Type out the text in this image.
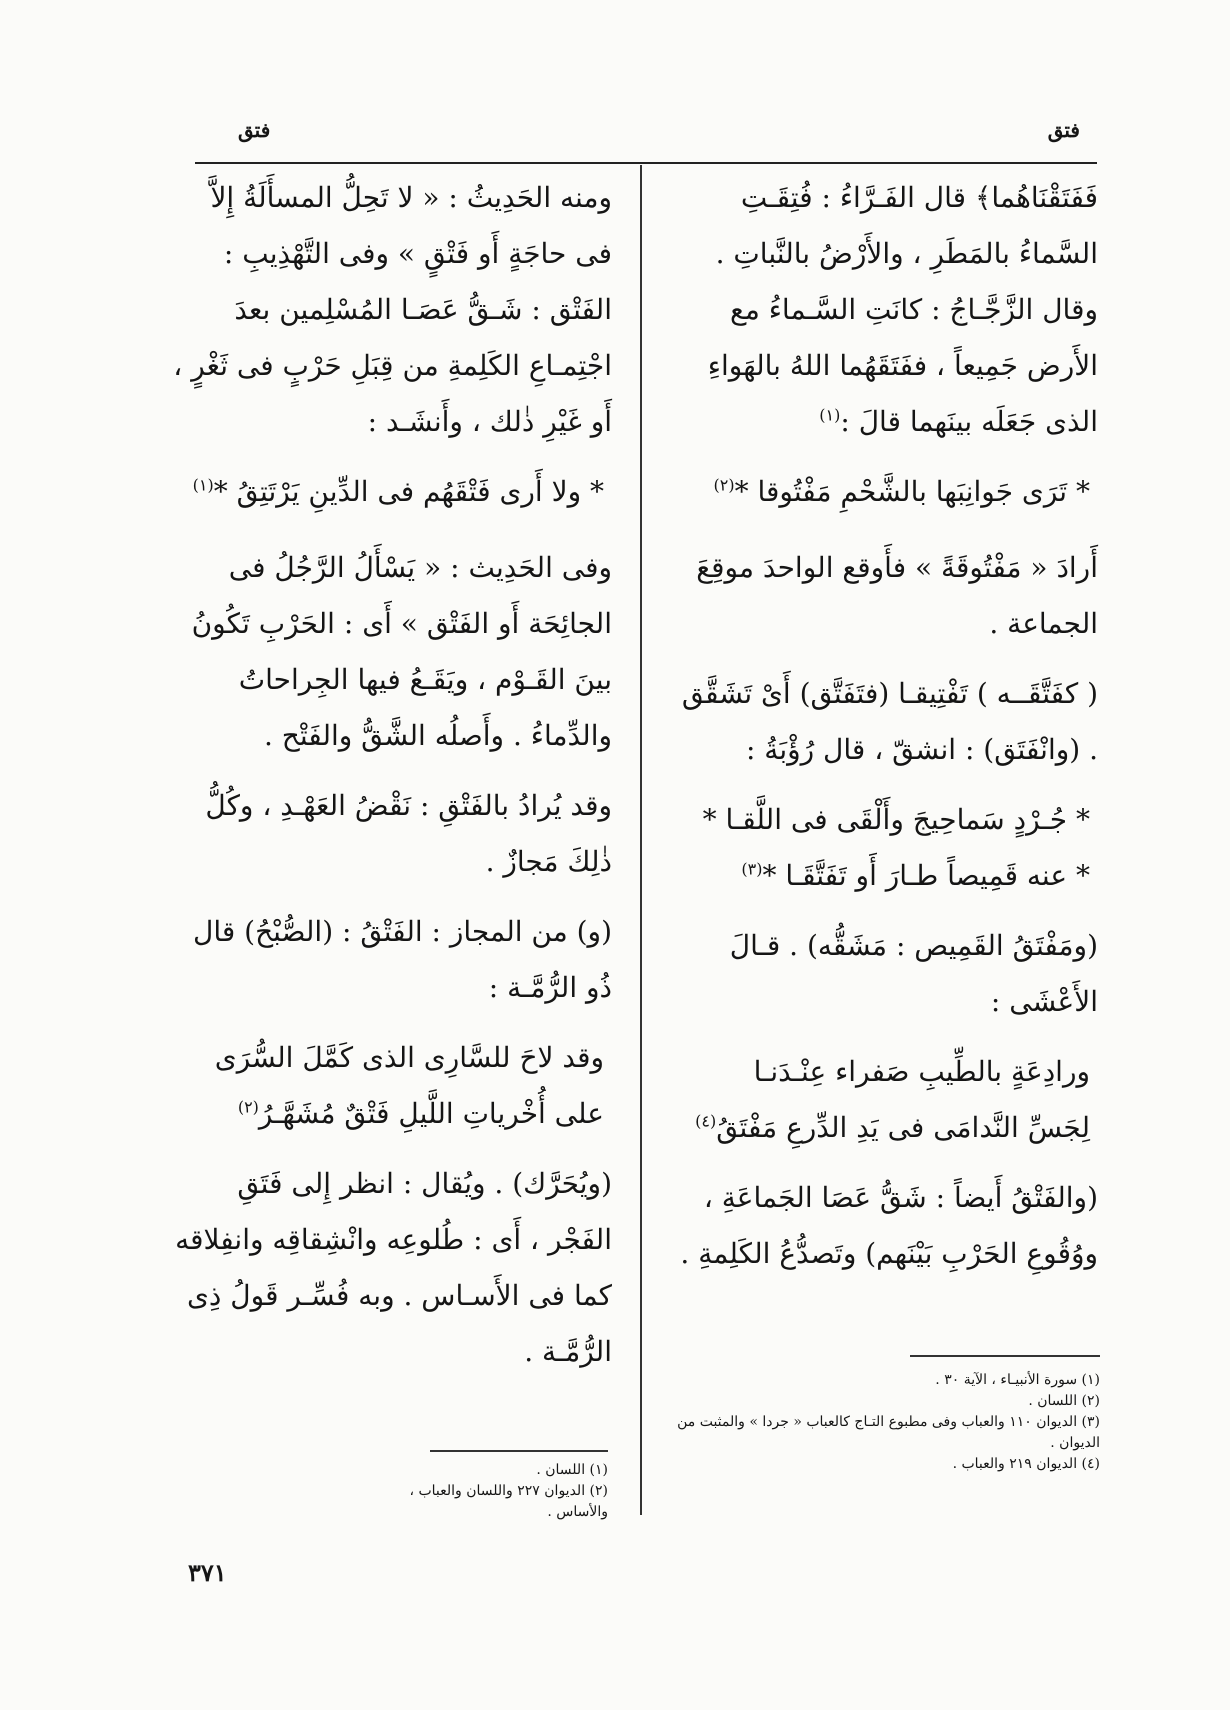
فتق
فتق

فَفَتَقْنَاهُما﴾ قال الفَـرَّاءُ : فُتِقَـتِ السَّماءُ بالمَطَرِ ، والأَرْضُ بالنَّباتِ . وقال الزَّجَّـاجُ : كانَتِ السَّـماءُ مع الأَرض جَمِيعاً ، ففَتَقَهُما اللهُ بالهَواءِ الذى جَعَلَه بينَهما قالَ :$^{(١)}$

* تَرَى جَوانِبَها بالشَّحْمِ مَفْتُوقا *$^{(٢)}$

أَرادَ « مَفْتُوقَةً » فأَوقع الواحدَ موقِعَ الجماعة .

( كفَتَّقَــه ) تَفْتِيقـا (فتَفَتَّق) أَىْ تَشَقَّق . (وانْفَتَق) : انشقّ ، قال رُؤْبَةُ :

* جُـرْدٍ سَماحِيجَ وأَلْقَى فى اللَّقـا *

* عنه قَمِيصاً طـارَ أَو تَفَتَّقَـا *$^{(٣)}$

(ومَفْتَقُ القَمِيص : مَشَقُّه) . قـالَ الأَعْشَى :

ورادِعَةٍ بالطِّيبِ صَفراء عِنْـدَنـا

لِجَسِّ النَّدامَى فى يَدِ الدِّرعِ مَفْتَقُ$^{(٤)}$

(والفَتْقُ أَيضاً : شَقُّ عَصَا الجَماعَةِ ، ووُقُوعِ الحَرْبِ بَيْنَهم) وتَصدُّعُ الكَلِمةِ .

ومنه الحَدِيثُ : « لا تَحِلُّ المسأَلَةُ إِلاَّ فى حاجَةٍ أَو فَتْقٍ » وفى التَّهْذِيبِ : الفَتْق : شَـقُّ عَصَـا المُسْلِمين بعدَ اجْتِمـاعِ الكَلِمةِ من قِبَلِ حَرْبٍ فى ثَغْرٍ ، أَو غَيْرِ ذٰلك ، وأَنشَـد :

* ولا أَرى فَتْقَهُم فى الدِّينِ يَرْتَتِقُ *$^{(١)}$

وفى الحَدِيث : « يَسْأَلُ الرَّجُلُ فى الجائِحَة أَو الفَتْق » أَى : الحَرْبِ تَكُونُ بينَ القَـوْم ، ويَقَـعُ فيها الجِراحاتُ والدِّماءُ . وأَصلُه الشَّقُّ والفَتْح .

وقد يُرادُ بالفَتْقِ : نَقْضُ العَهْـدِ ، وكُلُّ ذٰلِكَ مَجازٌ .

(و) من المجاز : الفَتْقُ : (الصُّبْحُ) قال ذُو الرُّمَّـة :

وقد لاحَ للسَّارِى الذى كَمَّلَ السُّرَى

على أُخْرياتِ اللَّيلِ فَتْقٌ مُشَهَّـرُ$^{(٢)}$

(ويُحَرَّك) . ويُقال : انظر إِلى فَتَقِ الفَجْر ، أَى : طُلوعِه وانْشِقاقِه وانفِلاقه كما فى الأَسـاس . وبه فُسِّـر قَولُ ذِى الرُّمَّـة .

(١) سورة الأنبيـاء ، الآية ٣٠ .

(٢) اللسان .

(٣) الديوان ١١٠ والعباب وفى مطبوع التـاج كالعباب « جردا » والمثبت من الديوان .

(٤) الديوان ٢١٩ والعباب .

(١) اللسان .

(٢) الديوان ٢٢٧ واللسان والعباب ، والأساس .

٣٧١
